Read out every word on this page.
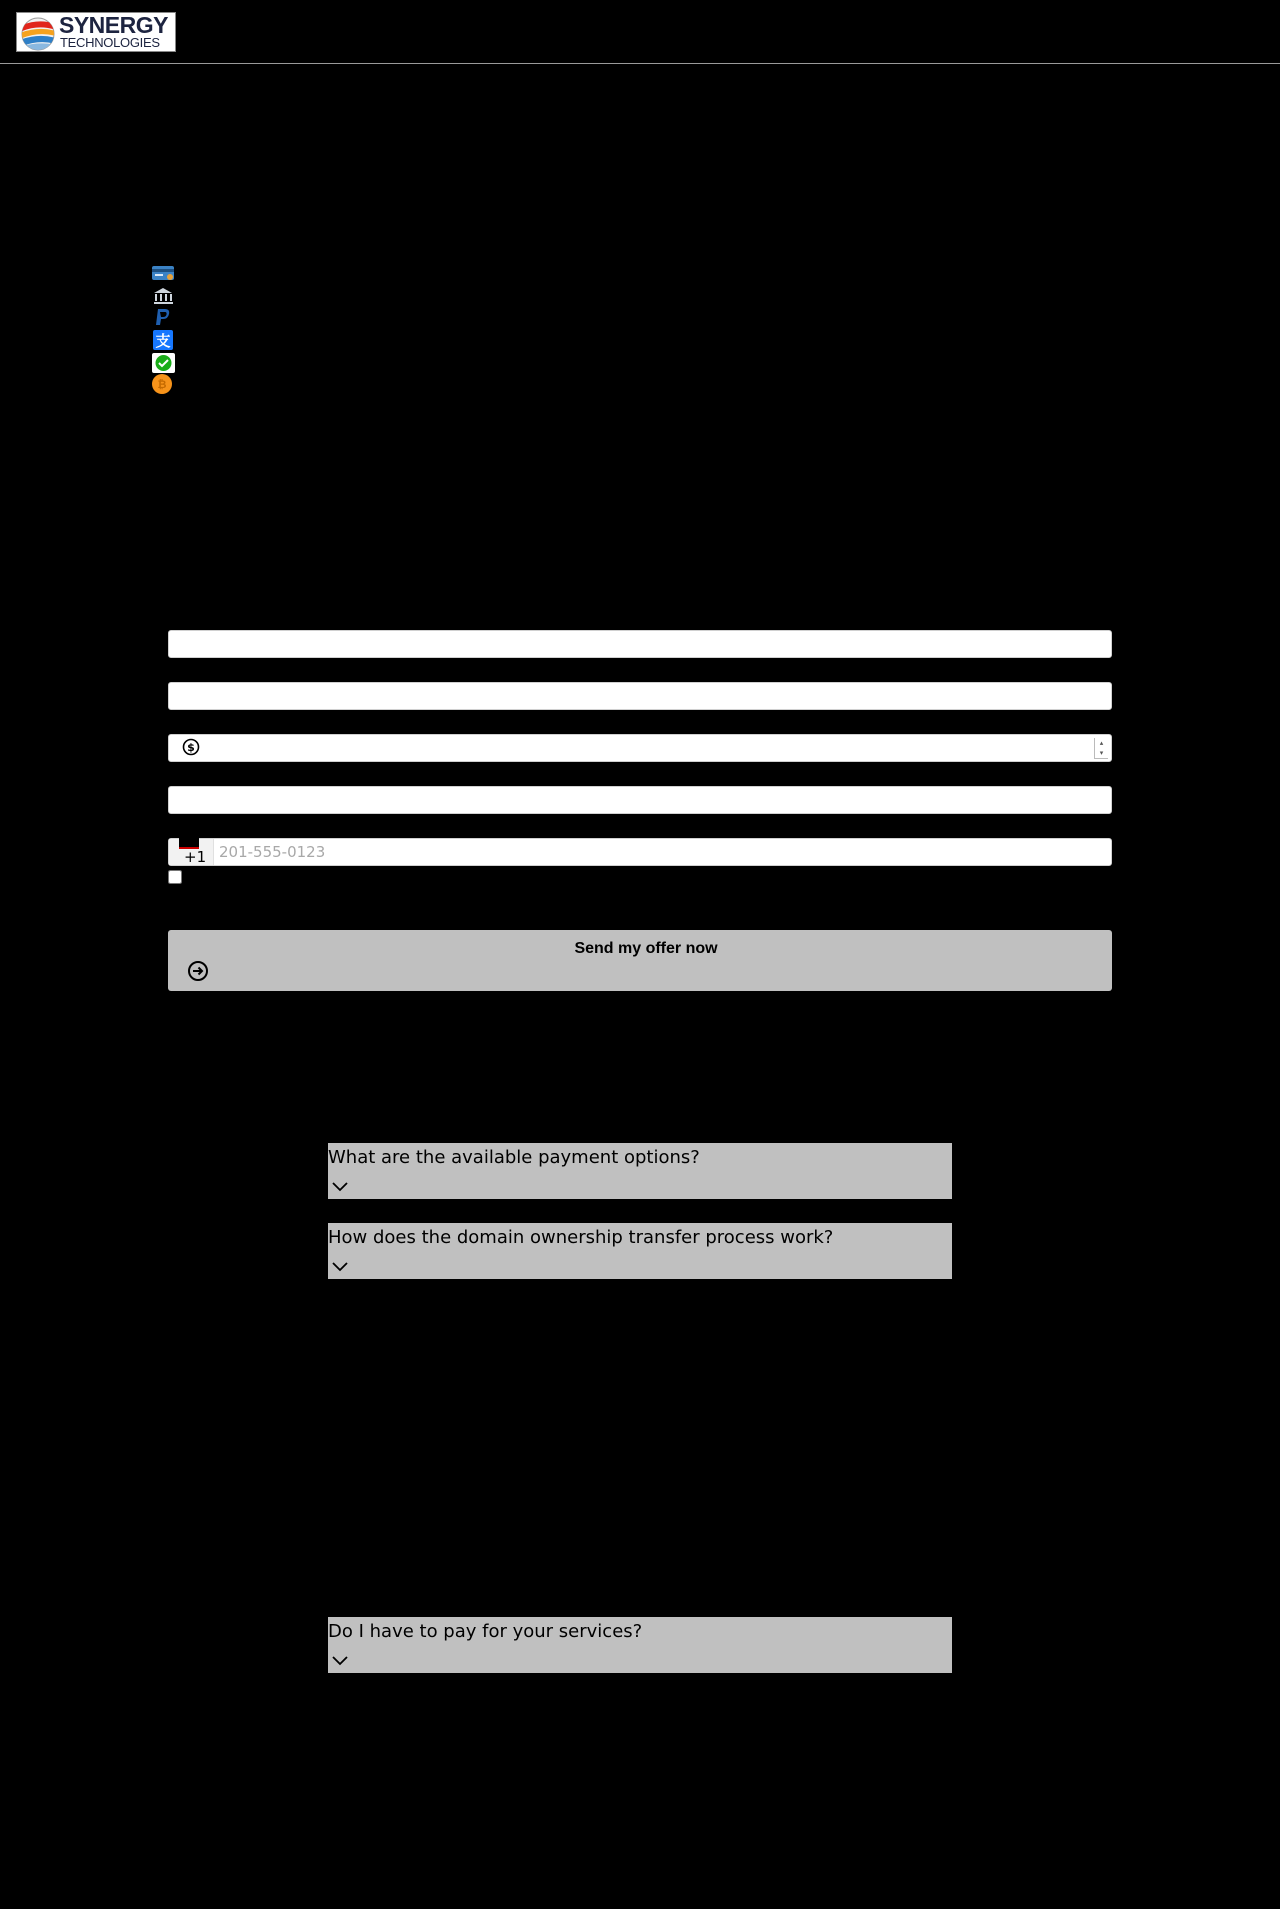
SYNERGY
TECHNOLOGIES
支
₿
$	▴
▾
+1
201-555-0123
Send my offer now
What are the available payment options?
How does the domain ownership transfer process work?
Do I have to pay for your services?
